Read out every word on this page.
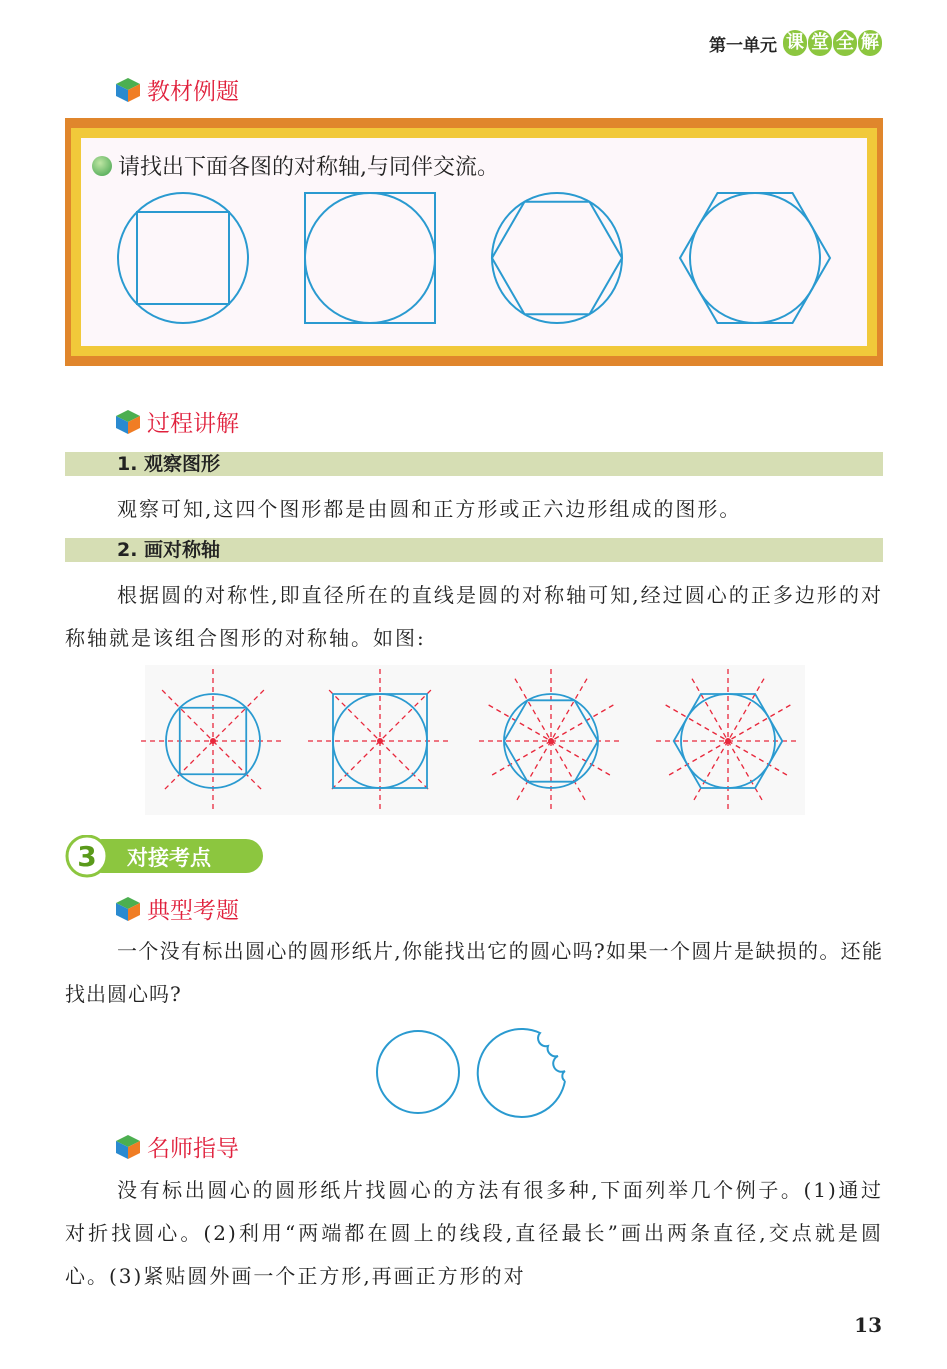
第一单元 课 堂 全 解
教材例题
请找出下面各图的对称轴,与同伴交流。
过程讲解
1. 观察图形
观察可知,这四个图形都是由圆和正方形或正六边形组成的图形。
2. 画对称轴
根据圆的对称性,即直径所在的直线是圆的对称轴可知,经过圆心的正多边形的对称轴就是该组合图形的对称轴。如图:
3 对接考点
典型考题
一个没有标出圆心的圆形纸片,你能找出它的圆心吗?如果一个圆片是缺损的。还能找出圆心吗?
名师指导
没有标出圆心的圆形纸片找圆心的方法有很多种,下面列举几个例子。(1)通过对折找圆心。(2)利用“两端都在圆上的线段,直径最长”画出两条直径,交点就是圆心。(3)紧贴圆外画一个正方形,再画正方形的对
13
